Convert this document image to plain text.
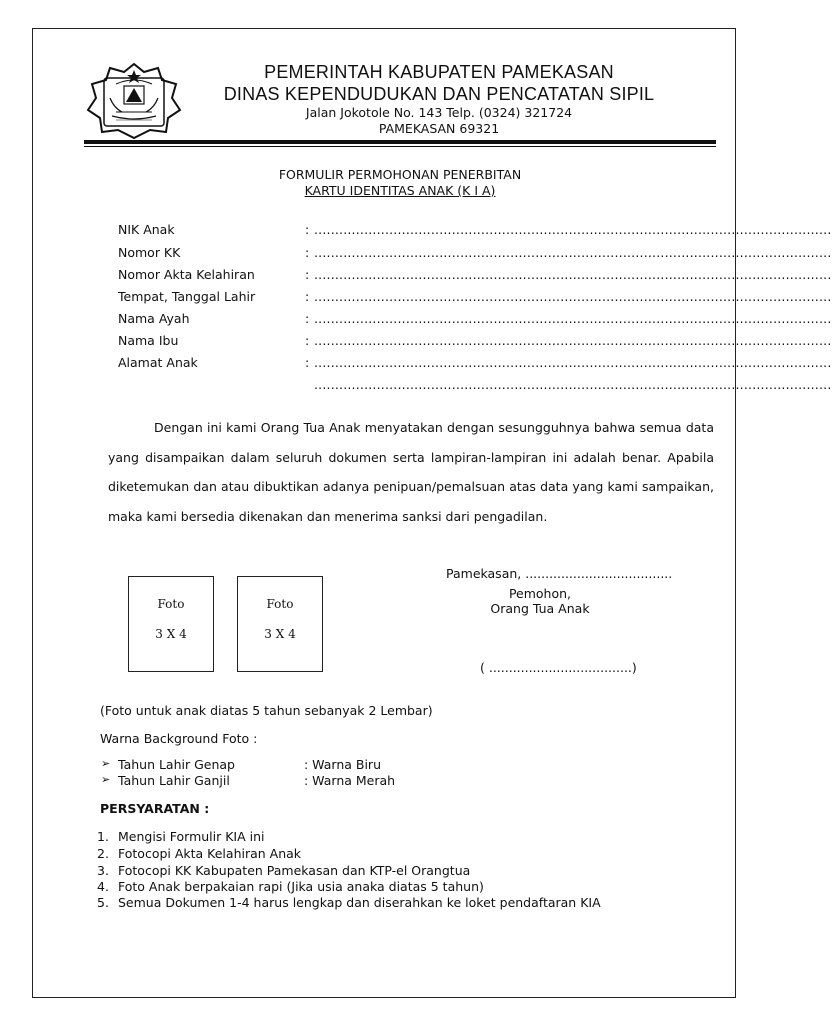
PEMERINTAH KABUPATEN PAMEKASAN
DINAS KEPENDUDUKAN DAN PENCATATAN SIPIL
Jalan Jokotole No. 143 Telp. (0324) 321724
PAMEKASAN 69321
FORMULIR PERMOHONAN PENERBITAN
KARTU IDENTITAS ANAK (K I A)
NIK Anak	: ............................................................................................................................
Nomor KK	: ............................................................................................................................
Nomor Akta Kelahiran	: ............................................................................................................................
Tempat, Tanggal Lahir	: ............................................................................................................................
Nama Ayah	: ............................................................................................................................
Nama Ibu	: ............................................................................................................................
Alamat Anak	: ............................................................................................................................
............................................................................................................................
Dengan ini kami Orang Tua Anak menyatakan dengan sesungguhnya bahwa semua data yang disampaikan dalam seluruh dokumen serta lampiran-lampiran ini adalah benar. Apabila diketemukan dan atau dibuktikan adanya penipuan/pemalsuan atas data yang kami sampaikan, maka kami bersedia dikenakan dan menerima sanksi dari pengadilan.
Foto
3 X 4
Foto
3 X 4
Pamekasan, .....................................
Pemohon,
Orang Tua Anak
( ....................................)
(Foto untuk anak diatas 5 tahun sebanyak 2 Lembar)
Warna Background Foto :
➢ Tahun Lahir Genap	: Warna Biru
➢ Tahun Lahir Ganjil	: Warna Merah
PERSYARATAN :
1. Mengisi Formulir KIA ini
2. Fotocopi Akta Kelahiran Anak
3. Fotocopi KK Kabupaten Pamekasan dan KTP-el Orangtua
4. Foto Anak berpakaian rapi (Jika usia anaka diatas 5 tahun)
5. Semua Dokumen 1-4 harus lengkap dan diserahkan ke loket pendaftaran KIA
